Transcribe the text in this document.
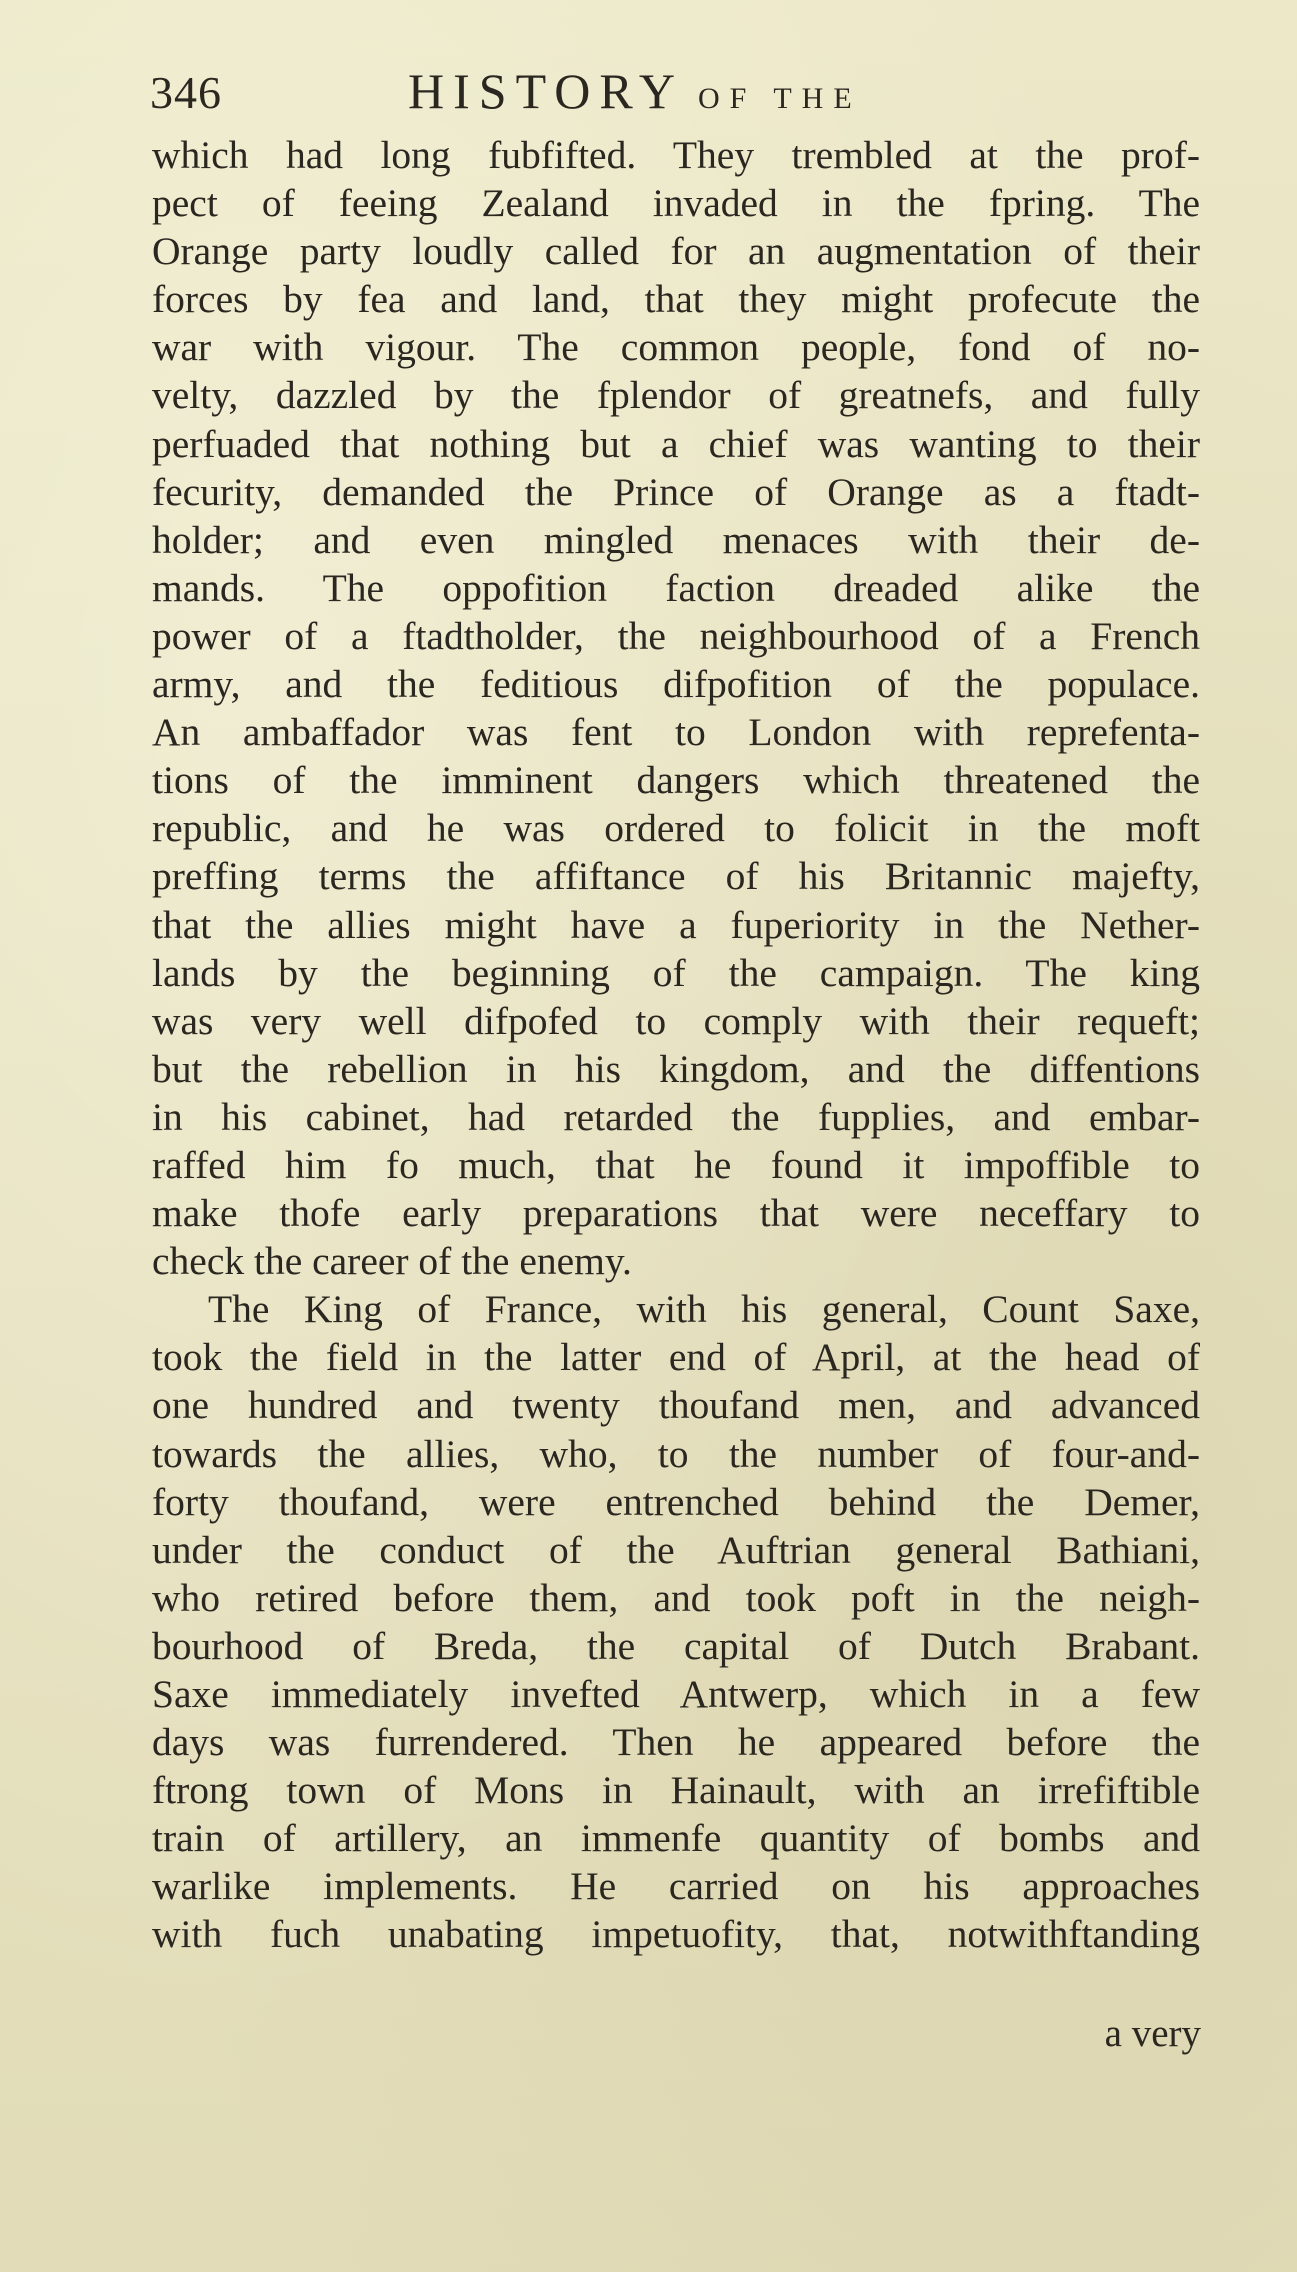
346	HISTORY OF THE
which had long fubfifted. They trembled at the prof-
pect of feeing Zealand invaded in the fpring. The
Orange party loudly called for an augmentation of their
forces by fea and land, that they might profecute the
war with vigour. The common people, fond of no-
velty, dazzled by the fplendor of greatnefs, and fully
perfuaded that nothing but a chief was wanting to their
fecurity, demanded the Prince of Orange as a ftadt-
holder; and even mingled menaces with their de-
mands. The oppofition faction dreaded alike the
power of a ftadtholder, the neighbourhood of a French
army, and the feditious difpofition of the populace.
An ambaffador was fent to London with reprefenta-
tions of the imminent dangers which threatened the
republic, and he was ordered to folicit in the moft
preffing terms the affiftance of his Britannic majefty,
that the allies might have a fuperiority in the Nether-
lands by the beginning of the campaign. The king
was very well difpofed to comply with their requeft;
but the rebellion in his kingdom, and the diffentions
in his cabinet, had retarded the fupplies, and embar-
raffed him fo much, that he found it impoffible to
make thofe early preparations that were neceffary to
check the career of the enemy.
The King of France, with his general, Count Saxe,
took the field in the latter end of April, at the head of
one hundred and twenty thoufand men, and advanced
towards the allies, who, to the number of four-and-
forty thoufand, were entrenched behind the Demer,
under the conduct of the Auftrian general Bathiani,
who retired before them, and took poft in the neigh-
bourhood of Breda, the capital of Dutch Brabant.
Saxe immediately invefted Antwerp, which in a few
days was furrendered. Then he appeared before the
ftrong town of Mons in Hainault, with an irrefiftible
train of artillery, an immenfe quantity of bombs and
warlike implements. He carried on his approaches
with fuch unabating impetuofity, that, notwithftanding
a very
